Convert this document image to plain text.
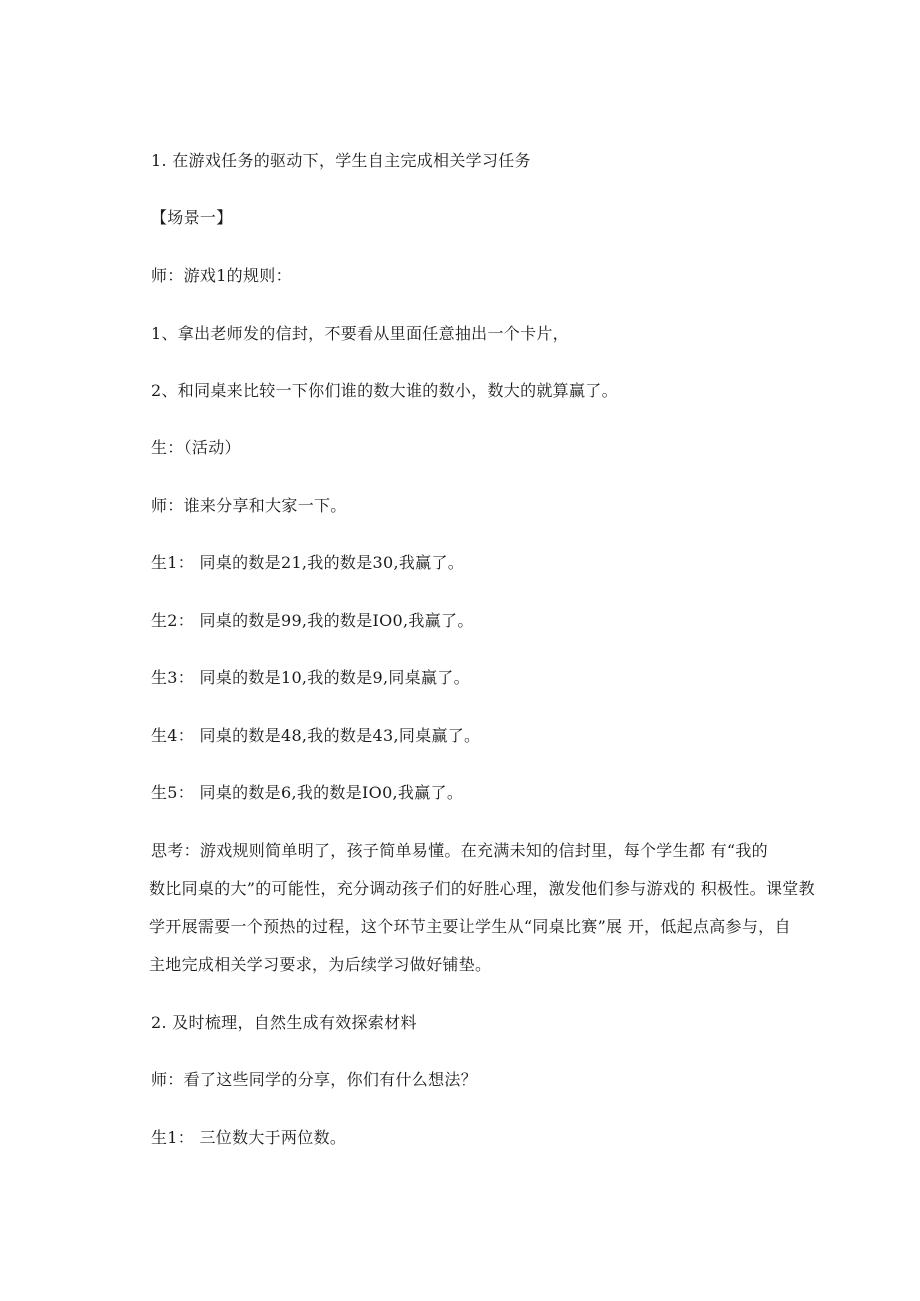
1. 在游戏任务的驱动下，学生自主完成相关学习任务
【场景一】
师：游戏1的规则：
1、拿出老师发的信封，不要看从里面任意抽出一个卡片，
2、和同桌来比较一下你们谁的数大谁的数小，数大的就算赢了。
生：（活动）
师：谁来分享和大家一下。
生1： 同桌的数是21,我的数是30,我赢了。
生2： 同桌的数是99,我的数是IO0,我赢了。
生3： 同桌的数是10,我的数是9,同桌赢了。
生4： 同桌的数是48,我的数是43,同桌赢了。
生5： 同桌的数是6,我的数是IO0,我赢了。
思考：游戏规则简单明了，孩子简单易懂。在充满未知的信封里，每个学生都 有“我的
数比同桌的大”的可能性，充分调动孩子们的好胜心理，激发他们参与游戏的 积极性。课堂教
学开展需要一个预热的过程，这个环节主要让学生从“同桌比赛”展 开，低起点高参与，自
主地完成相关学习要求，为后续学习做好铺垫。
2. 及时梳理，自然生成有效探索材料
师：看了这些同学的分享，你们有什么想法？
生1： 三位数大于两位数。
